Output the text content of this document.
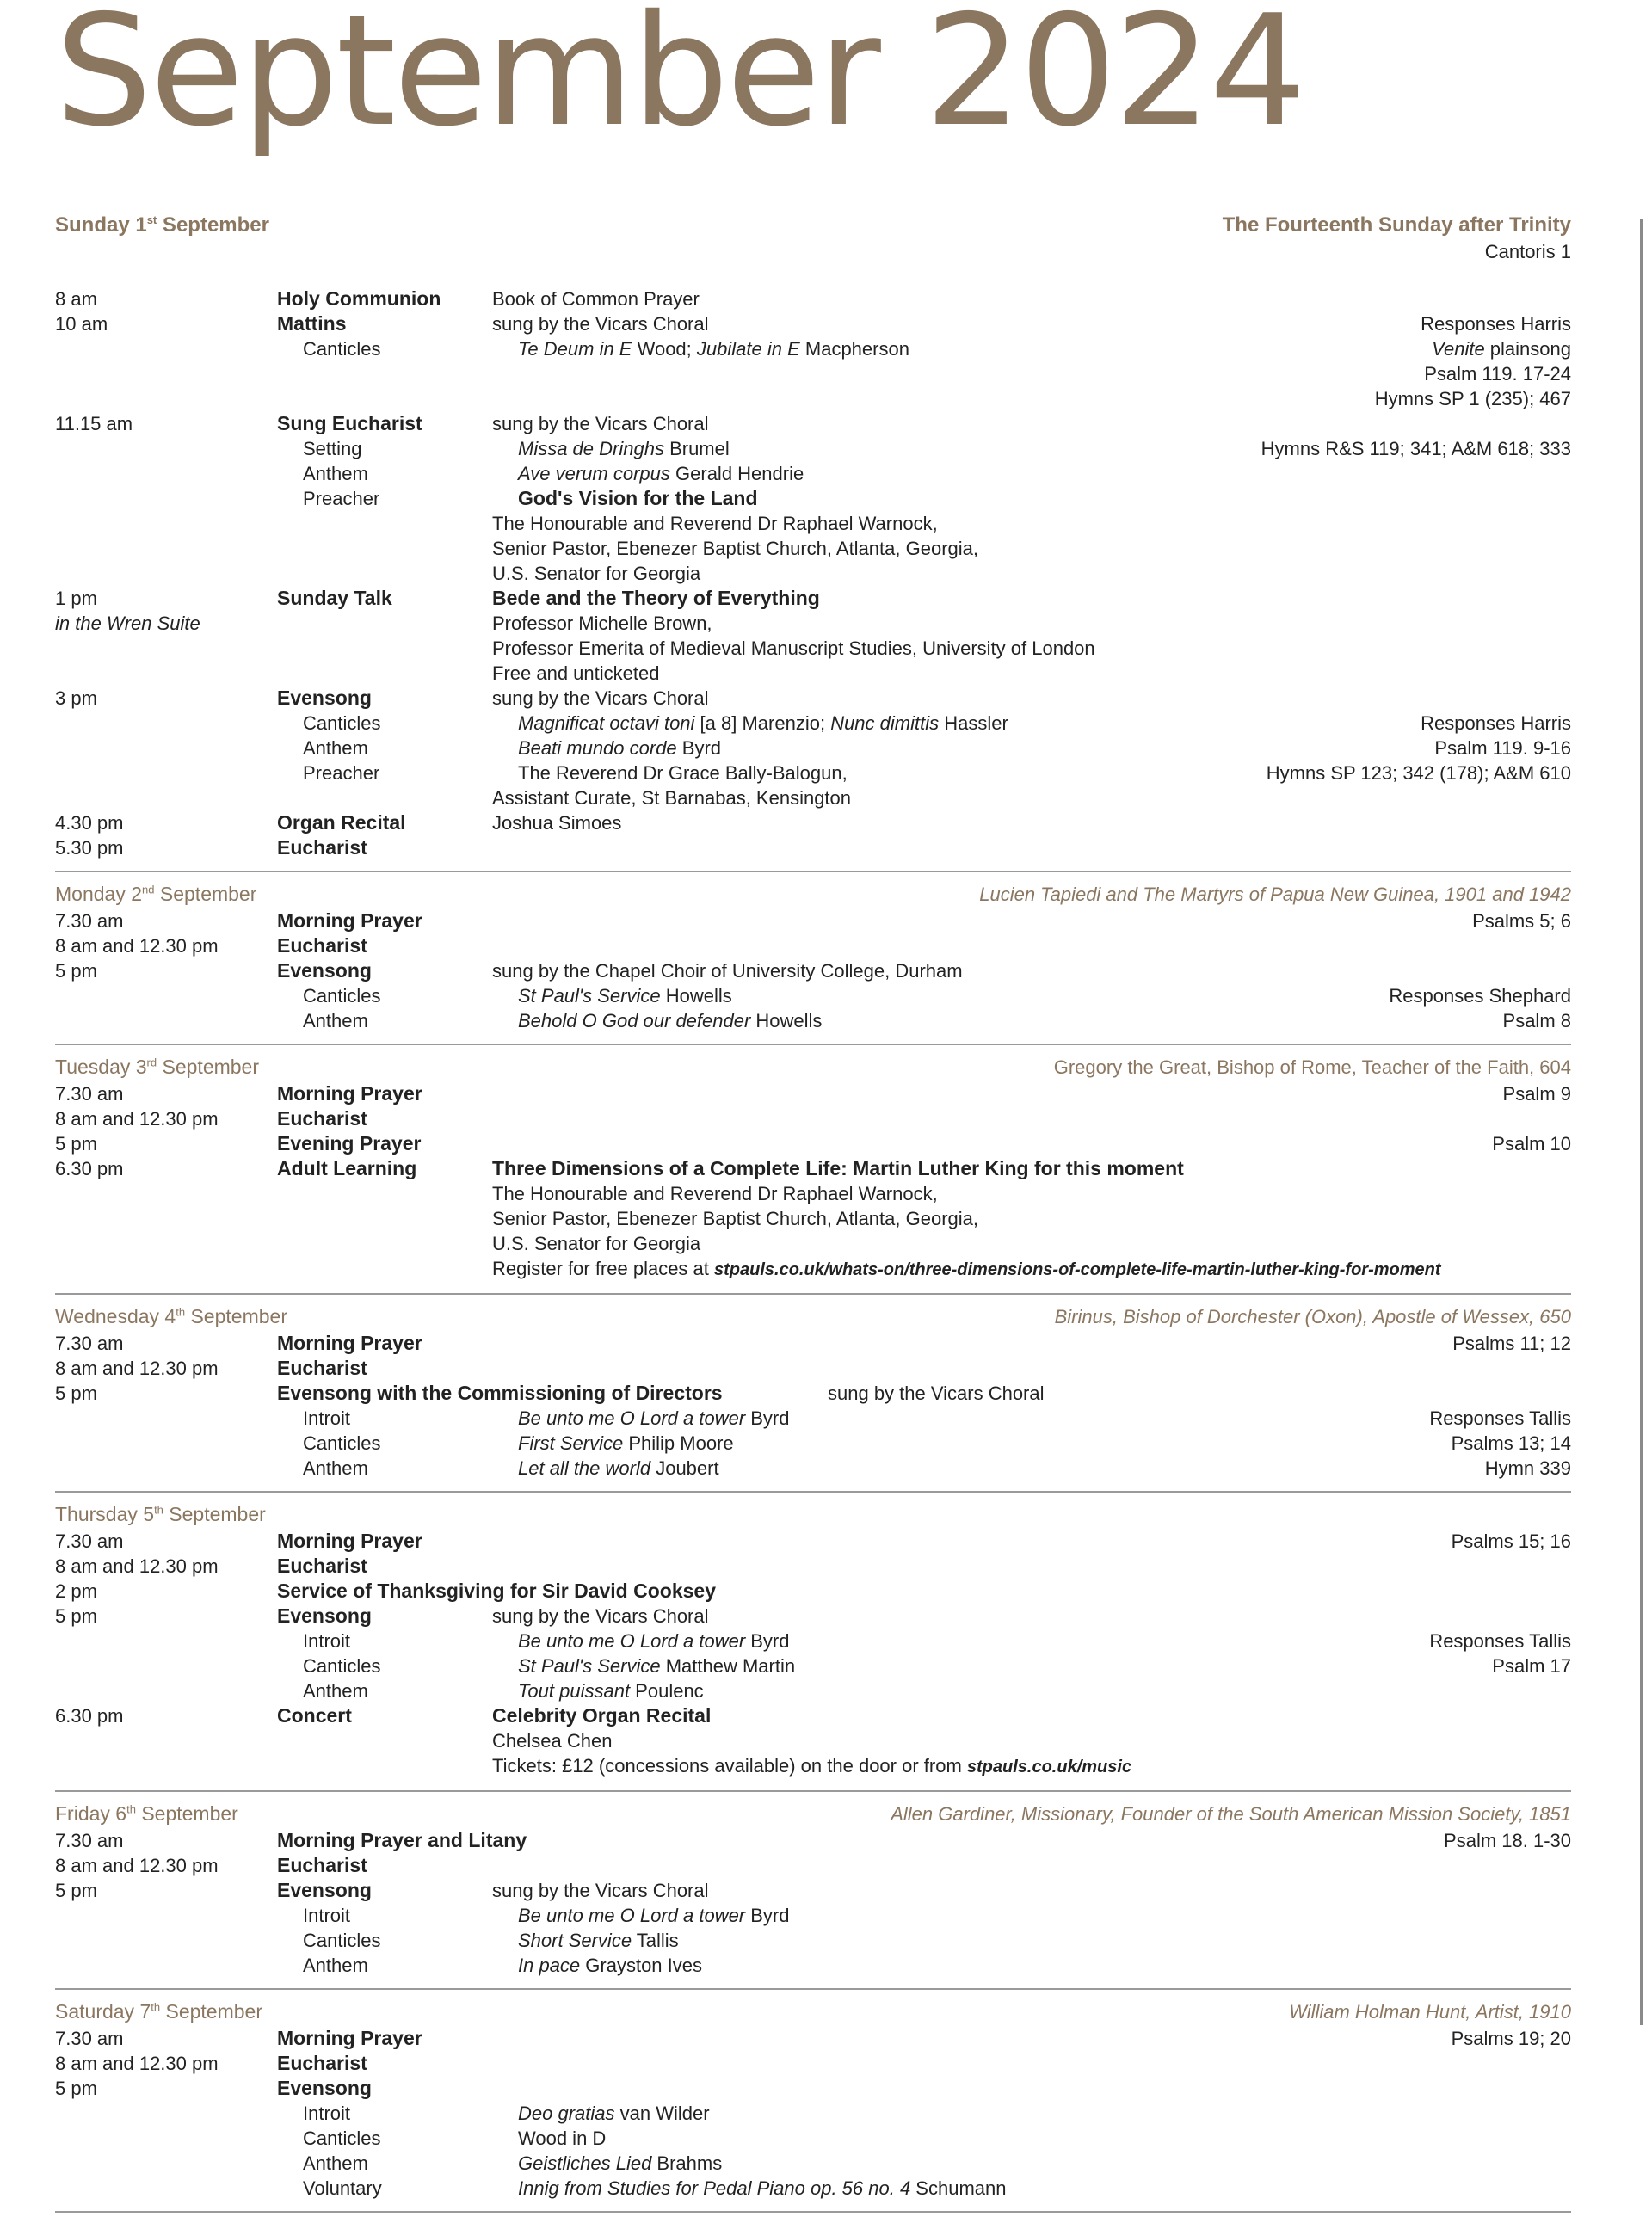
September 2024
Sunday 1st September	The Fourteenth Sunday after Trinity
Cantoris 1
8 am	Holy Communion	Book of Common Prayer
10 am	Mattins	sung by the Vicars Choral	Responses Harris
Canticles	Te Deum in E Wood; Jubilate in E Macpherson	Venite plainsong
Psalm 119. 17-24
Hymns SP 1 (235); 467
11.15 am	Sung Eucharist	sung by the Vicars Choral
Setting	Missa de Dringhs Brumel	Hymns R&S 119; 341; A&M 618; 333
Anthem	Ave verum corpus Gerald Hendrie
Preacher	God's Vision for the Land
The Honourable and Reverend Dr Raphael Warnock,
Senior Pastor, Ebenezer Baptist Church, Atlanta, Georgia,
U.S. Senator for Georgia
1 pm	Sunday Talk	Bede and the Theory of Everything
in the Wren Suite	Professor Michelle Brown,
Professor Emerita of Medieval Manuscript Studies, University of London
Free and unticketed
3 pm	Evensong	sung by the Vicars Choral
Canticles	Magnificat octavi toni [a 8] Marenzio; Nunc dimittis Hassler	Responses Harris
Anthem	Beati mundo corde Byrd	Psalm 119. 9-16
Preacher	The Reverend Dr Grace Bally-Balogun,	Hymns SP 123; 342 (178); A&M 610
Assistant Curate, St Barnabas, Kensington
4.30 pm	Organ Recital	Joshua Simoes
5.30 pm	Eucharist
Monday 2nd September	Lucien Tapiedi and The Martyrs of Papua New Guinea, 1901 and 1942
7.30 am	Morning Prayer	Psalms 5; 6
8 am and 12.30 pm	Eucharist
5 pm	Evensong	sung by the Chapel Choir of University College, Durham
Canticles	St Paul's Service Howells	Responses Shephard
Anthem	Behold O God our defender Howells	Psalm 8
Tuesday 3rd September	Gregory the Great, Bishop of Rome, Teacher of the Faith, 604
7.30 am	Morning Prayer	Psalm 9
8 am and 12.30 pm	Eucharist
5 pm	Evening Prayer	Psalm 10
6.30 pm	Adult Learning	Three Dimensions of a Complete Life: Martin Luther King for this moment
The Honourable and Reverend Dr Raphael Warnock,
Senior Pastor, Ebenezer Baptist Church, Atlanta, Georgia,
U.S. Senator for Georgia
Register for free places at stpauls.co.uk/whats-on/three-dimensions-of-complete-life-martin-luther-king-for-moment
Wednesday 4th September	Birinus, Bishop of Dorchester (Oxon), Apostle of Wessex, 650
7.30 am	Morning Prayer	Psalms 11; 12
8 am and 12.30 pm	Eucharist
5 pm	Evensong with the Commissioning of Directors	sung by the Vicars Choral
Introit	Be unto me O Lord a tower Byrd	Responses Tallis
Canticles	First Service Philip Moore	Psalms 13; 14
Anthem	Let all the world Joubert	Hymn 339
Thursday 5th September
7.30 am	Morning Prayer	Psalms 15; 16
8 am and 12.30 pm	Eucharist
2 pm	Service of Thanksgiving for Sir David Cooksey
5 pm	Evensong	sung by the Vicars Choral
Introit	Be unto me O Lord a tower Byrd	Responses Tallis
Canticles	St Paul's Service Matthew Martin	Psalm 17
Anthem	Tout puissant Poulenc
6.30 pm	Concert	Celebrity Organ Recital
Chelsea Chen
Tickets: £12 (concessions available) on the door or from stpauls.co.uk/music
Friday 6th September	Allen Gardiner, Missionary, Founder of the South American Mission Society, 1851
7.30 am	Morning Prayer and Litany	Psalm 18. 1-30
8 am and 12.30 pm	Eucharist
5 pm	Evensong	sung by the Vicars Choral
Introit	Be unto me O Lord a tower Byrd
Canticles	Short Service Tallis
Anthem	In pace Grayston Ives
Saturday 7th September	William Holman Hunt, Artist, 1910
7.30 am	Morning Prayer	Psalms 19; 20
8 am and 12.30 pm	Eucharist
5 pm	Evensong
Introit	Deo gratias van Wilder
Canticles	Wood in D
Anthem	Geistliches Lied Brahms
Voluntary	Innig from Studies for Pedal Piano op. 56 no. 4 Schumann
